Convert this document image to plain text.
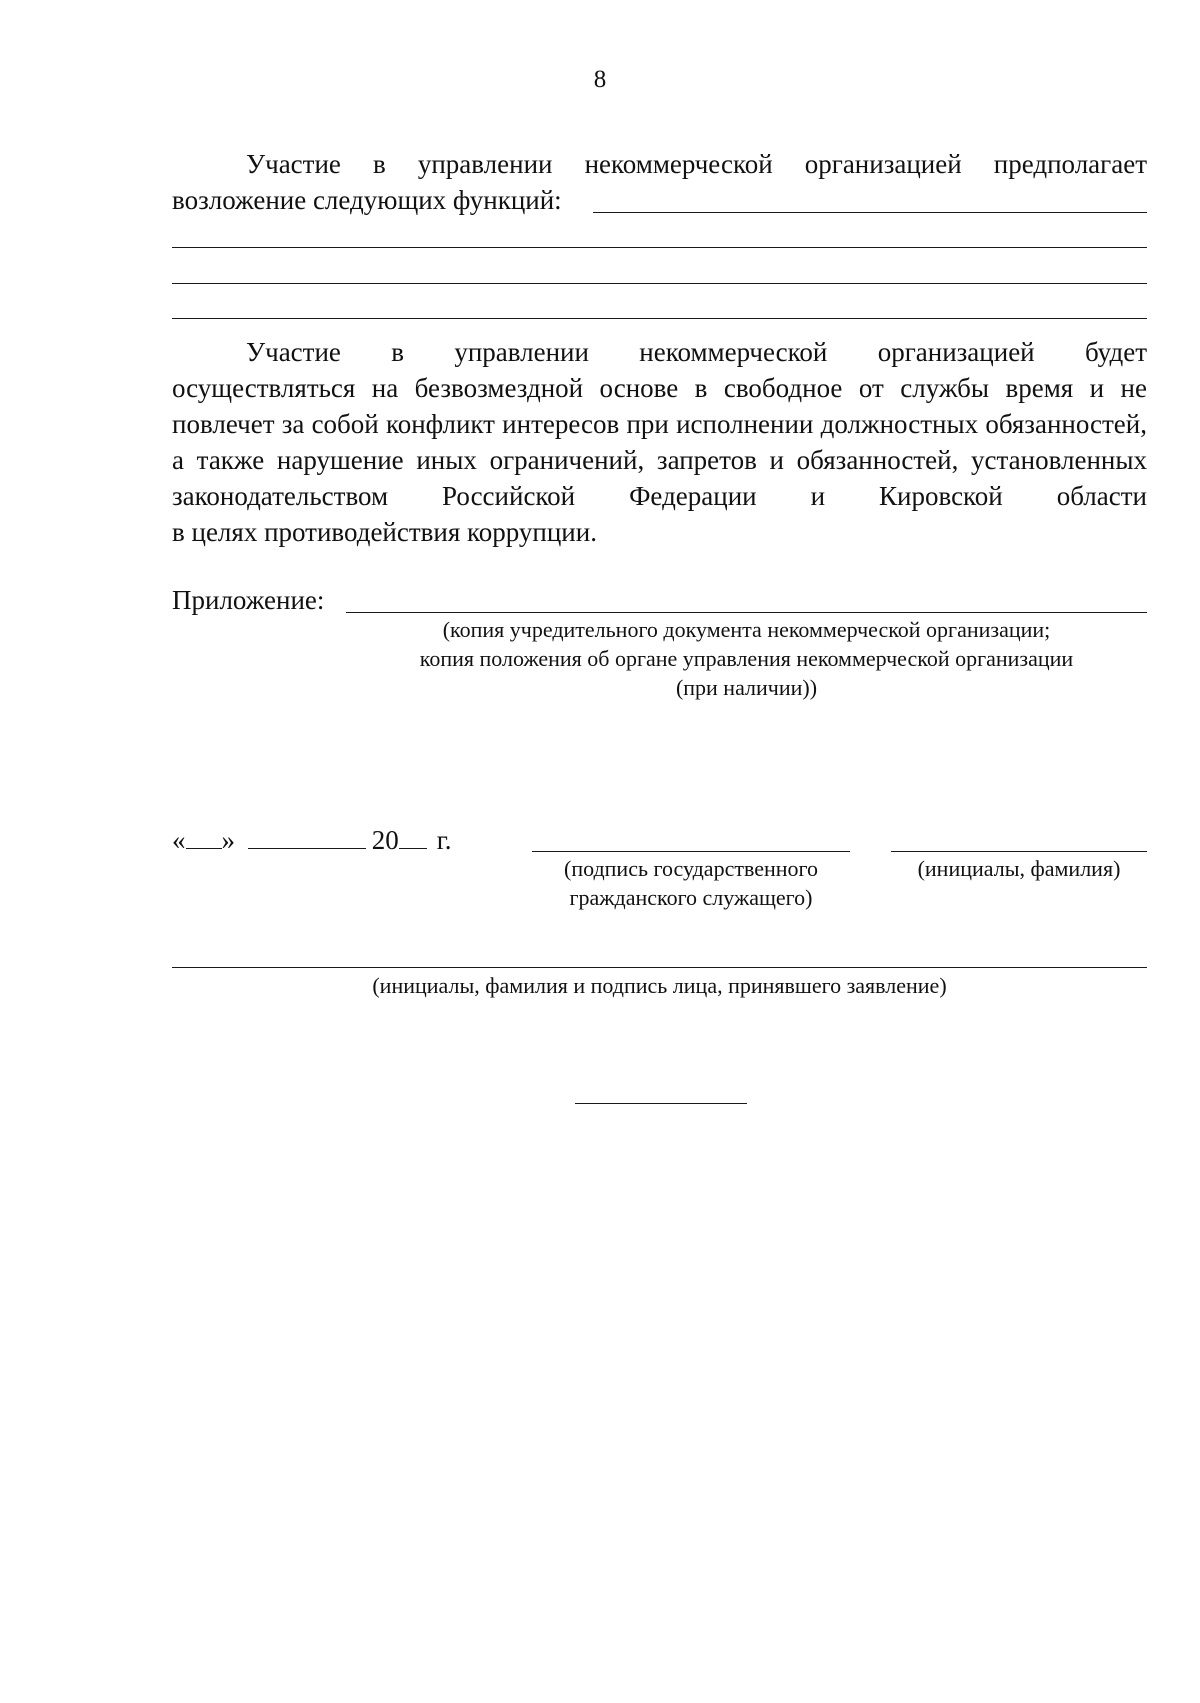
8
Участие в управлении некоммерческой организацией предполагает
возложение следующих функций:
Участие в управлении некоммерческой организацией будет
осуществляться на безвозмездной основе в свободное от службы время и не повлечет за собой конфликт интересов при исполнении должностных обязанностей, а также нарушение иных ограничений, запретов и обязанностей, установленных законодательством Российской Федерации и Кировской области
в целях противодействия коррупции.
Приложение:
(копия учредительного документа некоммерческой организации;
копия положения об органе управления некоммерческой организации
(при наличии))
« »	20 г.
(подпись государственного
гражданского служащего)
(инициалы, фамилия)
(инициалы, фамилия и подпись лица, принявшего заявление)
